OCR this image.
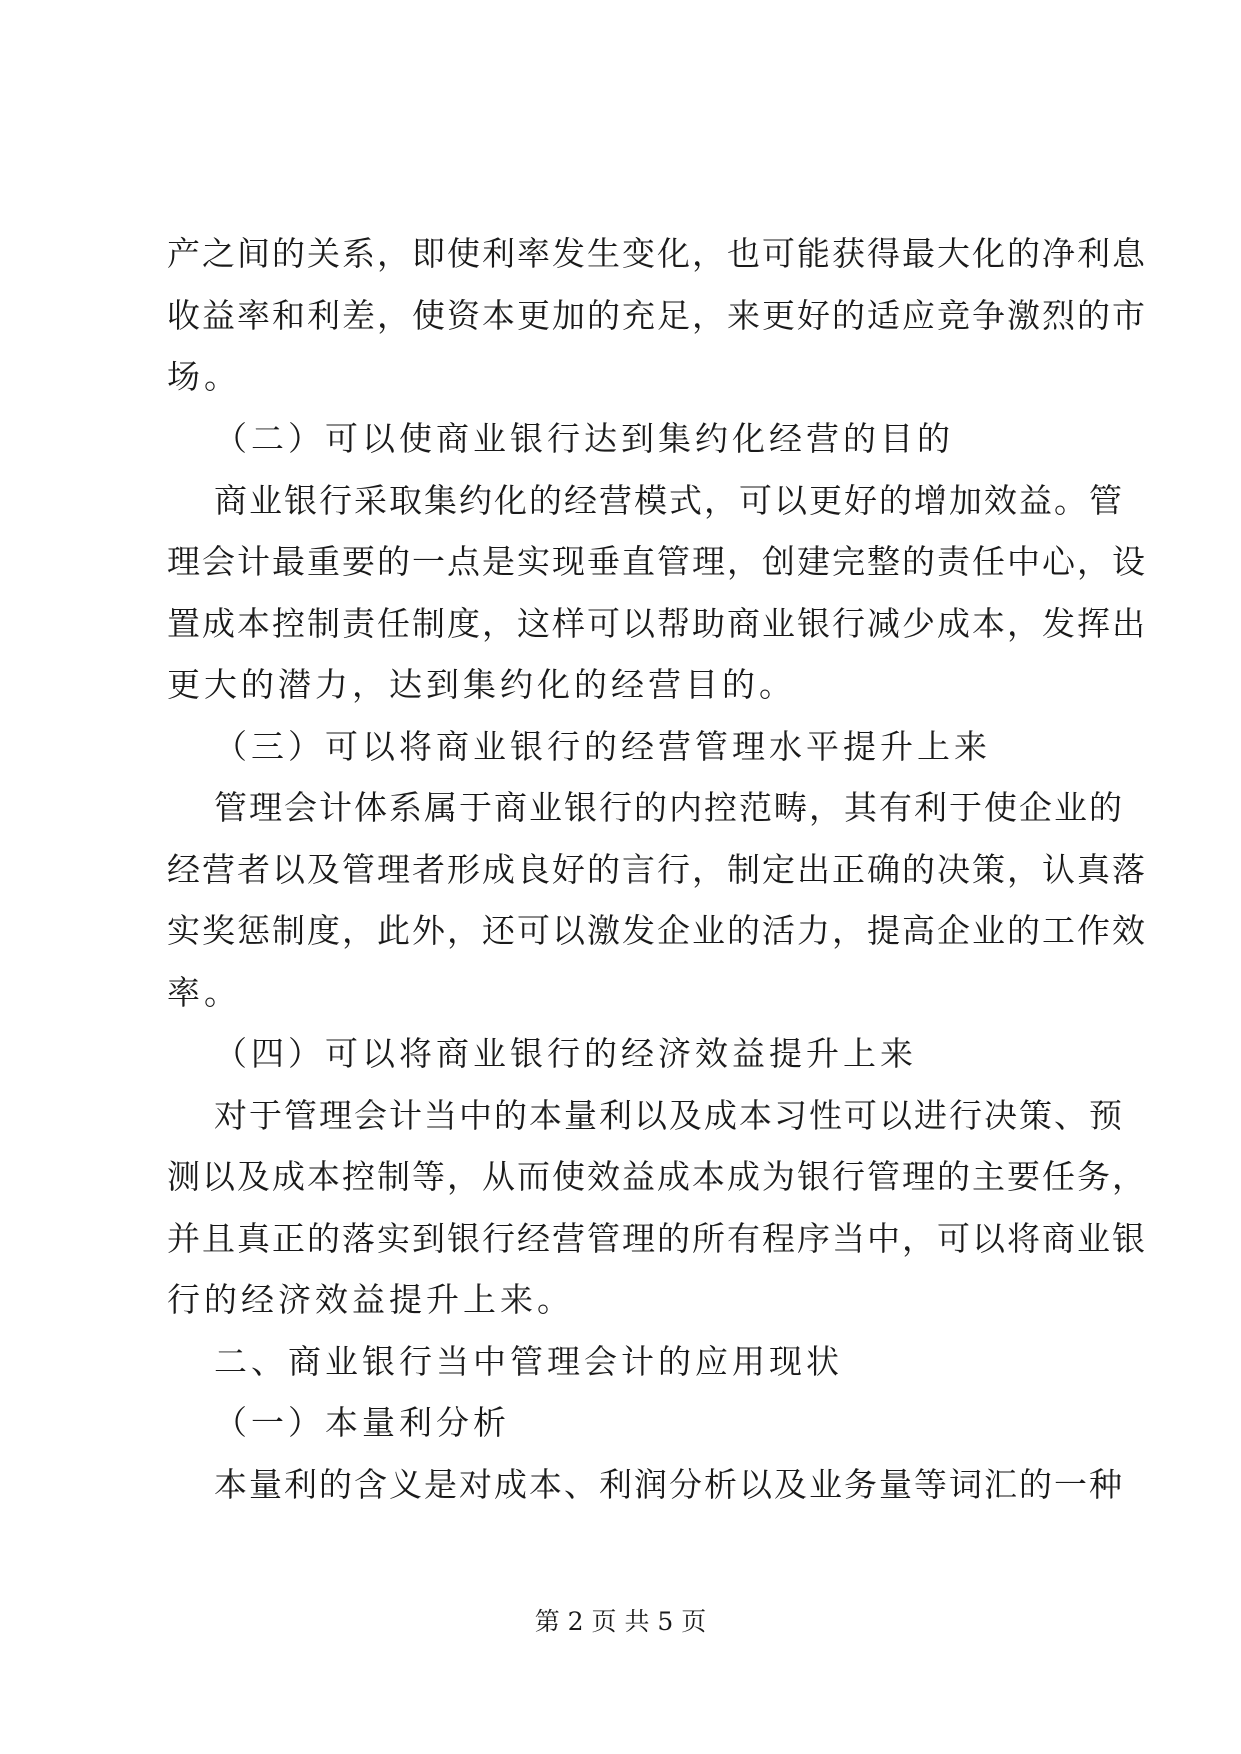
产之间的关系，即使利率发生变化，也可能获得最大化的净利息
收益率和利差，使资本更加的充足，来更好的适应竞争激烈的市
场。
（二）可以使商业银行达到集约化经营的目的
商业银行采取集约化的经营模式，可以更好的增加效益。管
理会计最重要的一点是实现垂直管理，创建完整的责任中心，设
置成本控制责任制度，这样可以帮助商业银行减少成本，发挥出
更大的潜力，达到集约化的经营目的。
（三）可以将商业银行的经营管理水平提升上来
管理会计体系属于商业银行的内控范畴，其有利于使企业的
经营者以及管理者形成良好的言行，制定出正确的决策，认真落
实奖惩制度，此外，还可以激发企业的活力，提高企业的工作效
率。
（四）可以将商业银行的经济效益提升上来
对于管理会计当中的本量利以及成本习性可以进行决策、预
测以及成本控制等，从而使效益成本成为银行管理的主要任务，
并且真正的落实到银行经营管理的所有程序当中，可以将商业银
行的经济效益提升上来。
二、商业银行当中管理会计的应用现状
（一）本量利分析
本量利的含义是对成本、利润分析以及业务量等词汇的一种
第 2 页 共 5 页
